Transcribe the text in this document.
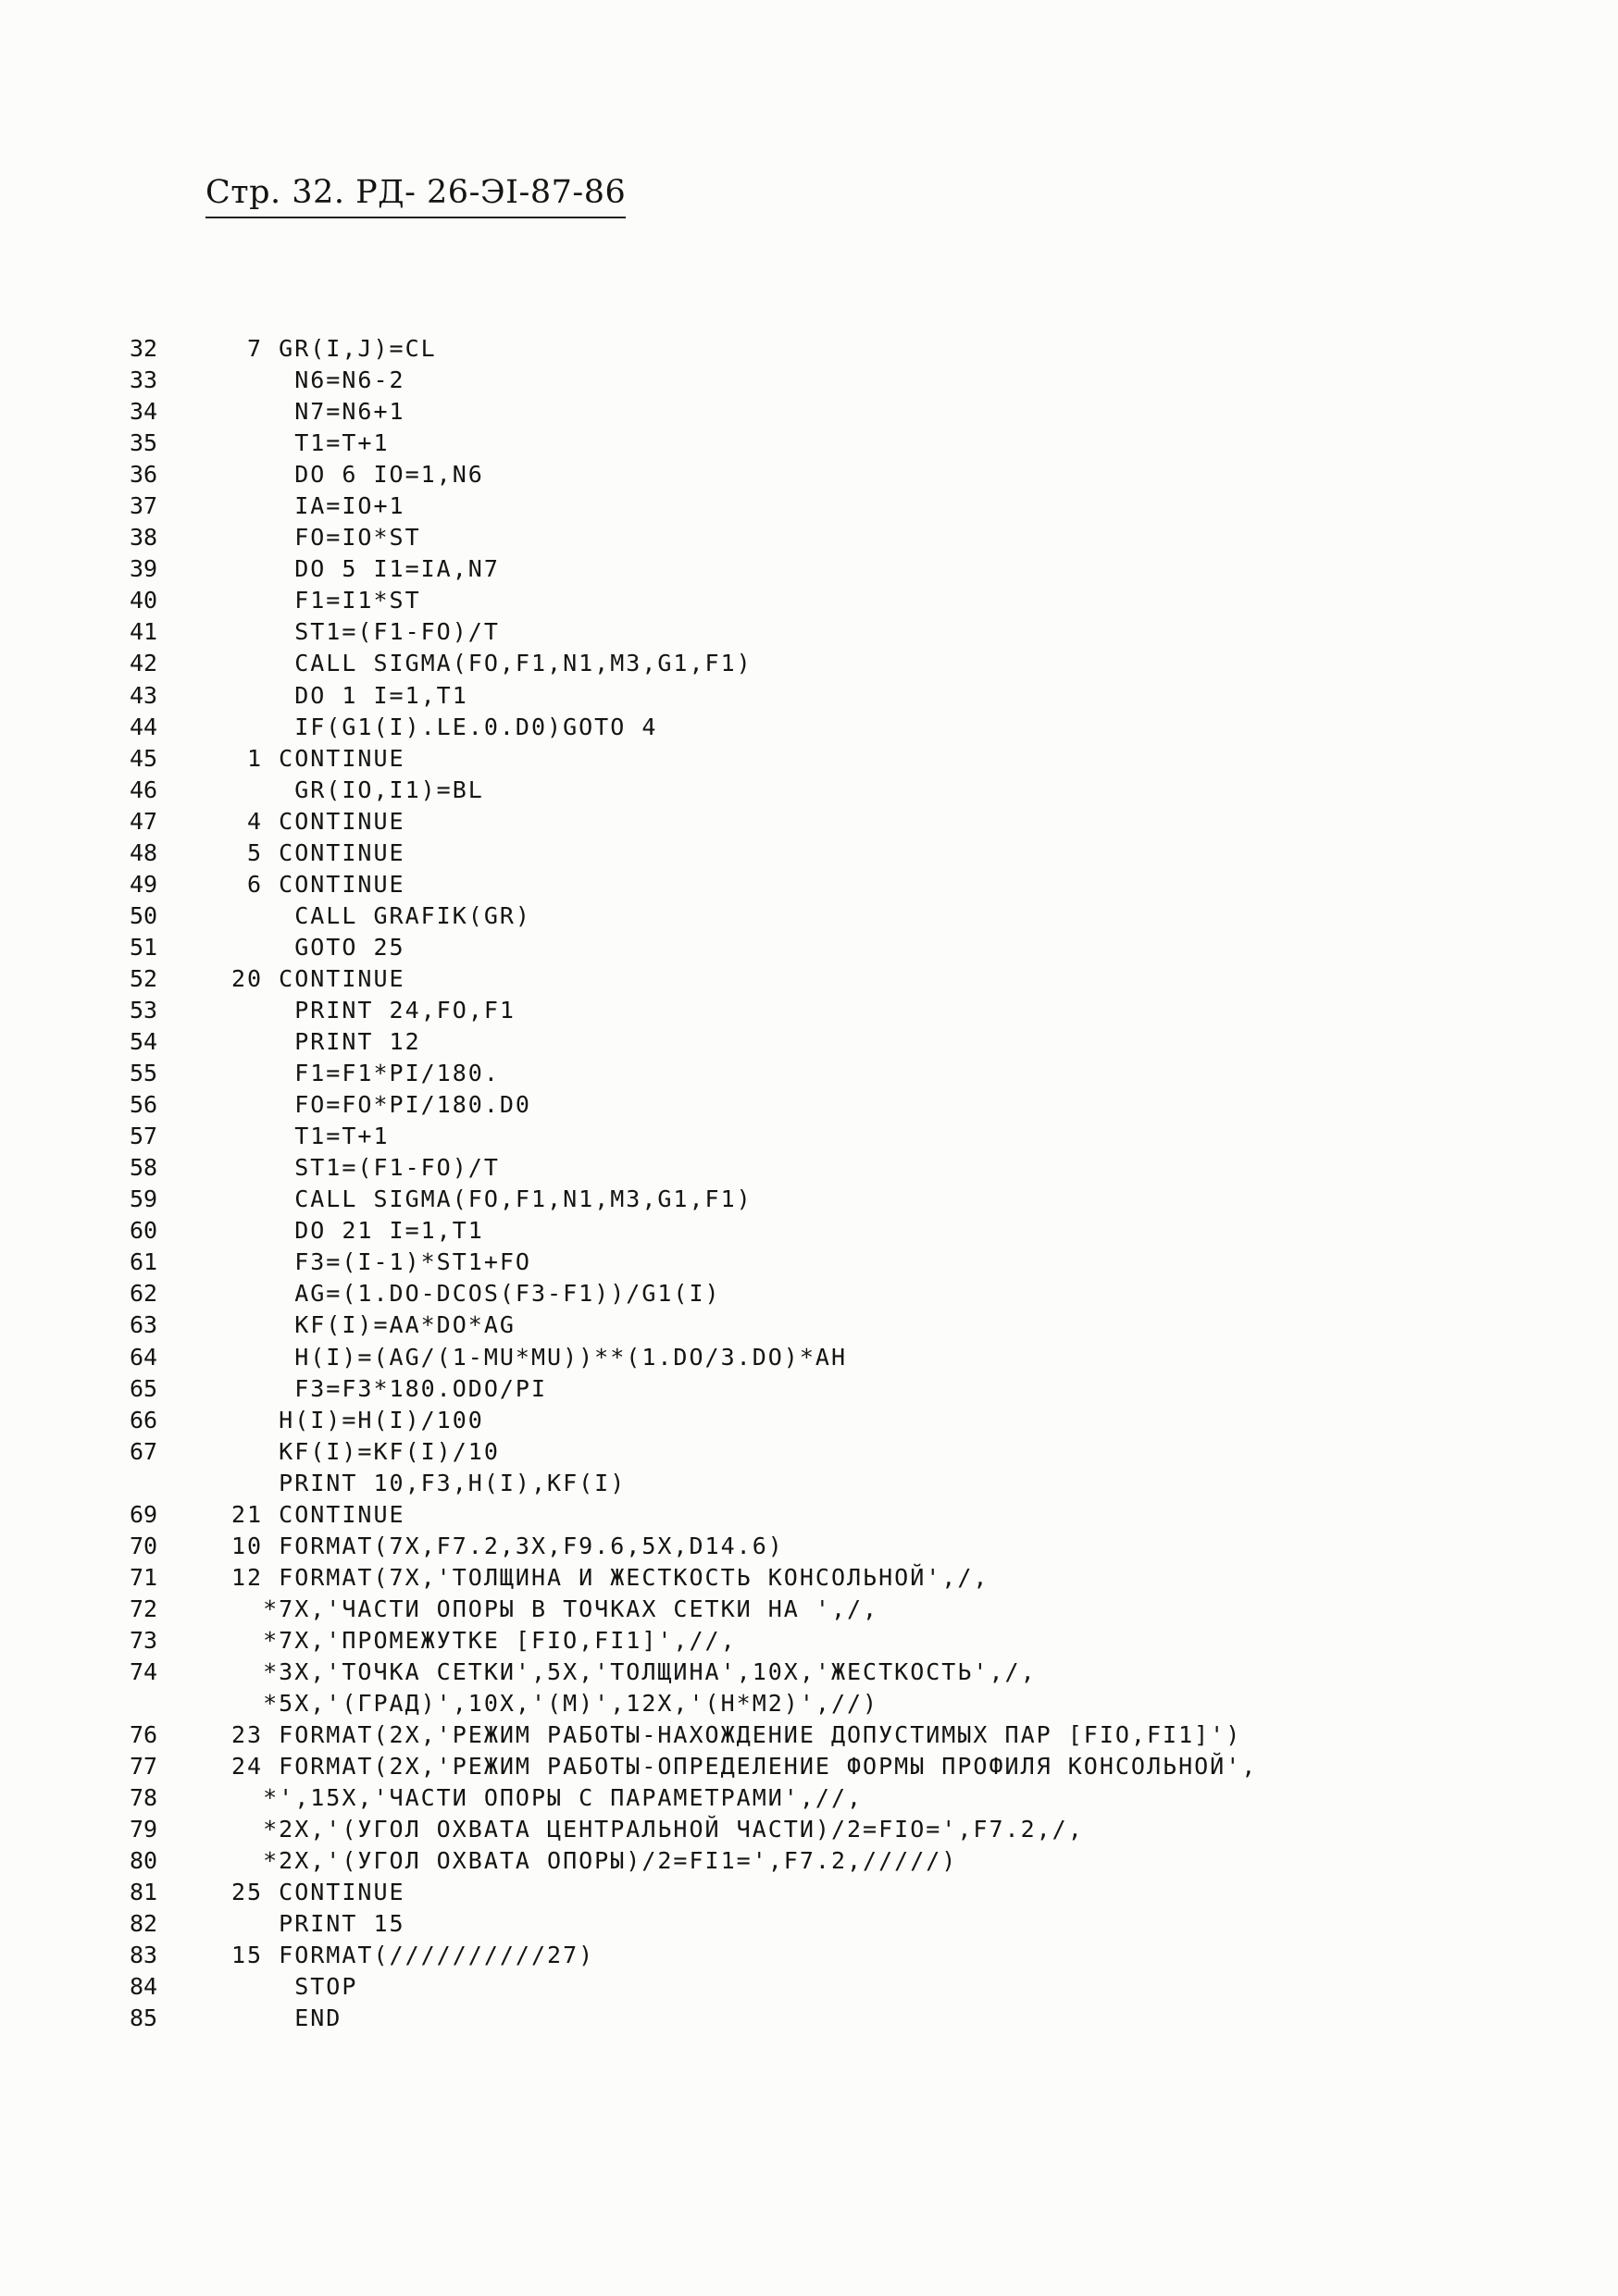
Стр. 32. РД- 26-ЭI-87-86
32	7 GR(I,J)=CL
33	N6=N6-2
34	N7=N6+1
35	T1=T+1
36	DO 6 IO=1,N6
37	IA=IO+1
38	FO=IO*ST
39	DO 5 I1=IA,N7
40	F1=I1*ST
41	ST1=(F1-FO)/T
42	CALL SIGMA(FO,F1,N1,M3,G1,F1)
43	DO 1 I=1,T1
44	IF(G1(I).LE.0.D0)GOTO 4
45	1 CONTINUE
46	GR(IO,I1)=BL
47	4 CONTINUE
48	5 CONTINUE
49	6 CONTINUE
50	CALL GRAFIK(GR)
51	GOTO 25
52	20 CONTINUE
53	PRINT 24,FO,F1
54	PRINT 12
55	F1=F1*PI/180.
56	FO=FO*PI/180.D0
57	T1=T+1
58	ST1=(F1-FO)/T
59	CALL SIGMA(FO,F1,N1,M3,G1,F1)
60	DO 21 I=1,T1
61	F3=(I-1)*ST1+FO
62	AG=(1.DO-DCOS(F3-F1))/G1(I)
63	KF(I)=AA*DO*AG
64	H(I)=(AG/(1-MU*MU))**(1.DO/3.DO)*AH
65	F3=F3*180.ODO/PI
66	H(I)=H(I)/100
67	KF(I)=KF(I)/10
PRINT 10,F3,H(I),KF(I)
69	21 CONTINUE
70	10 FORMAT(7X,F7.2,3X,F9.6,5X,D14.6)
71	12 FORMAT(7X,'ТОЛЩИНА И ЖЕСТКОСТЬ КОНСОЛЬНОЙ',/,
72	*7X,'ЧАСТИ ОПОРЫ В ТОЧКАХ СЕТКИ НА ',/,
73	*7X,'ПРОМЕЖУТКЕ [FIO,FI1]',//,
74	*3X,'ТОЧКА СЕТКИ',5X,'ТОЛЩИНА',10X,'ЖЕСТКОСТЬ',/,
*5X,'(ГРАД)',10X,'(М)',12X,'(Н*М2)',//)
76	23 FORMAT(2X,'РЕЖИМ РАБОТЫ-НАХОЖДЕНИЕ ДОПУСТИМЫХ ПАР [FIO,FI1]')
77	24 FORMAT(2X,'РЕЖИМ РАБОТЫ-ОПРЕДЕЛЕНИЕ ФОРМЫ ПРОФИЛЯ КОНСОЛЬНОЙ',
78	*',15X,'ЧАСТИ ОПОРЫ С ПАРАМЕТРАМИ',//,
79	*2X,'(УГОЛ ОХВАТА ЦЕНТРАЛЬНОЙ ЧАСТИ)/2=FIO=',F7.2,/,
80	*2X,'(УГОЛ ОХВАТА ОПОРЫ)/2=FI1=',F7.2,/////)
81	25 CONTINUE
82	PRINT 15
83	15 FORMAT(//////////27)
84	STOP
85	END
